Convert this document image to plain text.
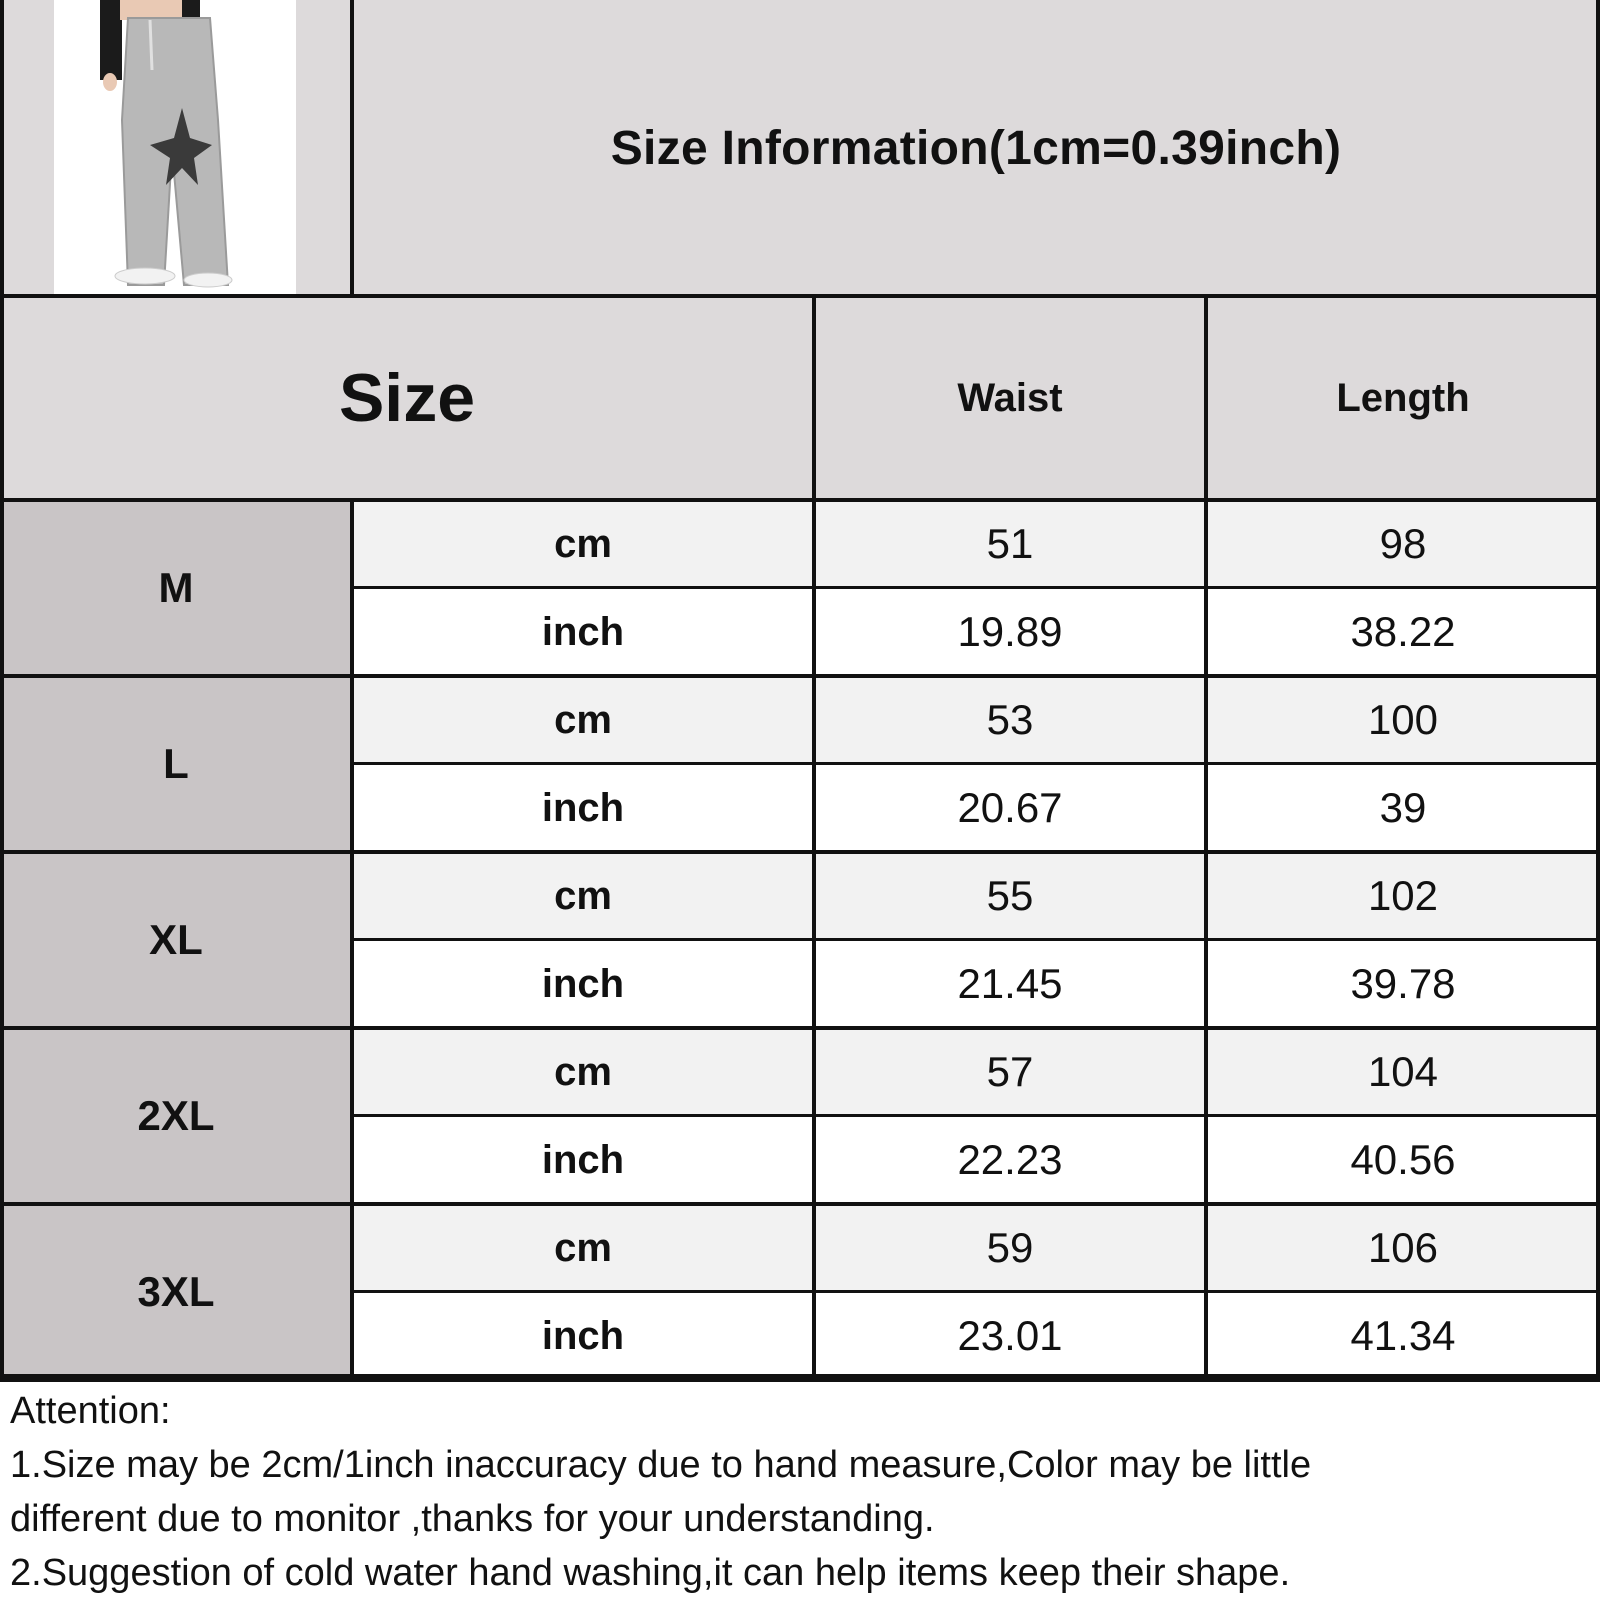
Size Information(1cm=0.39inch)
Size	Waist	Length
M
cm	51	98
inch	19.89	38.22
L
cm	53	100
inch	20.67	39
XL
cm	55	102
inch	21.45	39.78
2XL
cm	57	104
inch	22.23	40.56
3XL
cm	59	106
inch	23.01	41.34

Attention:

1.Size may be 2cm/1inch inaccuracy due to hand measure,Color may be little

different due to monitor ,thanks for your understanding.

2.Suggestion of cold water hand washing,it can help items keep their shape.
